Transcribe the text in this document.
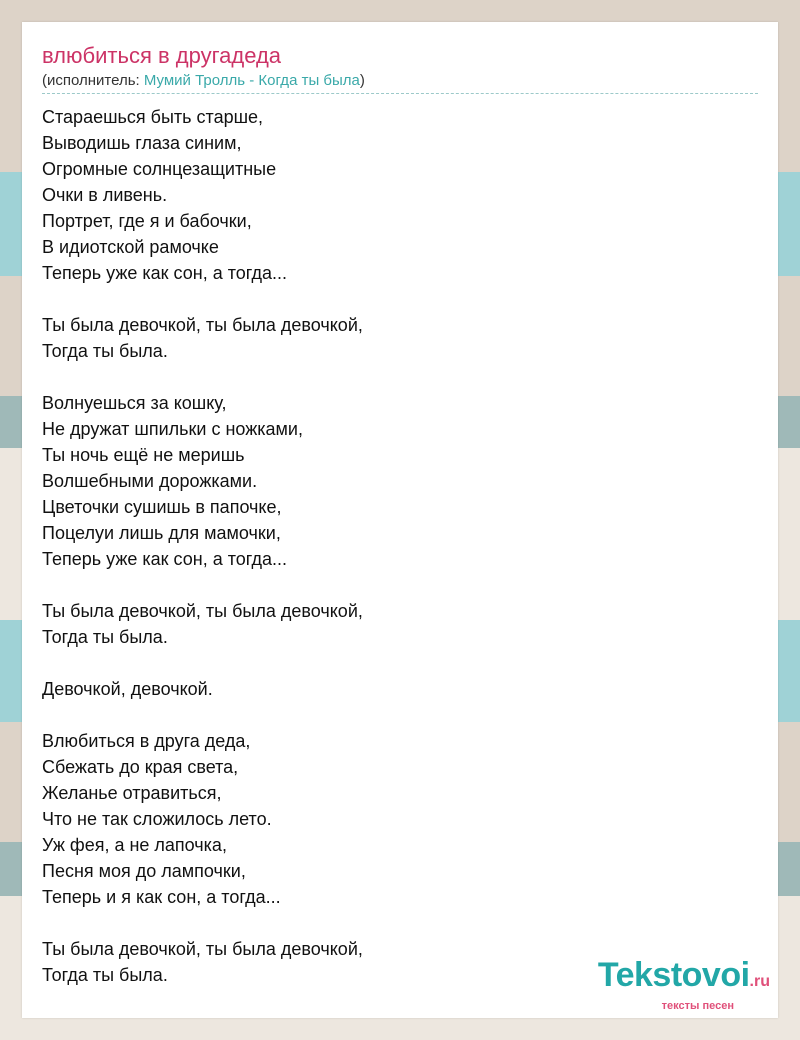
влюбиться в другадеда
(исполнитель: Мумий Тролль - Когда ты была)
Стараешься быть старше,
Выводишь глаза синим,
Огромные солнцезащитные
Очки в ливень.
Портрет, где я и бабочки,
В идиотской рамочке
Теперь уже как сон, а тогда...
Ты была девочкой, ты была девочкой,
Тогда ты была.
Волнуешься за кошку,
Не дружат шпильки с ножками,
Ты ночь ещё не меришь
Волшебными дорожками.
Цветочки сушишь в папочке,
Поцелуи лишь для мамочки,
Теперь уже как сон, а тогда...
Ты была девочкой, ты была девочкой,
Тогда ты была.
Девочкой, девочкой.
Влюбиться в друга деда,
Сбежать до края света,
Желанье отравиться,
Что не так сложилось лето.
Уж фея, а не лапочка,
Песня моя до лампочки,
Теперь и я как сон, а тогда...
Ты была девочкой, ты была девочкой,
Тогда ты была.	Tekstovoi.ru
тексты песен
